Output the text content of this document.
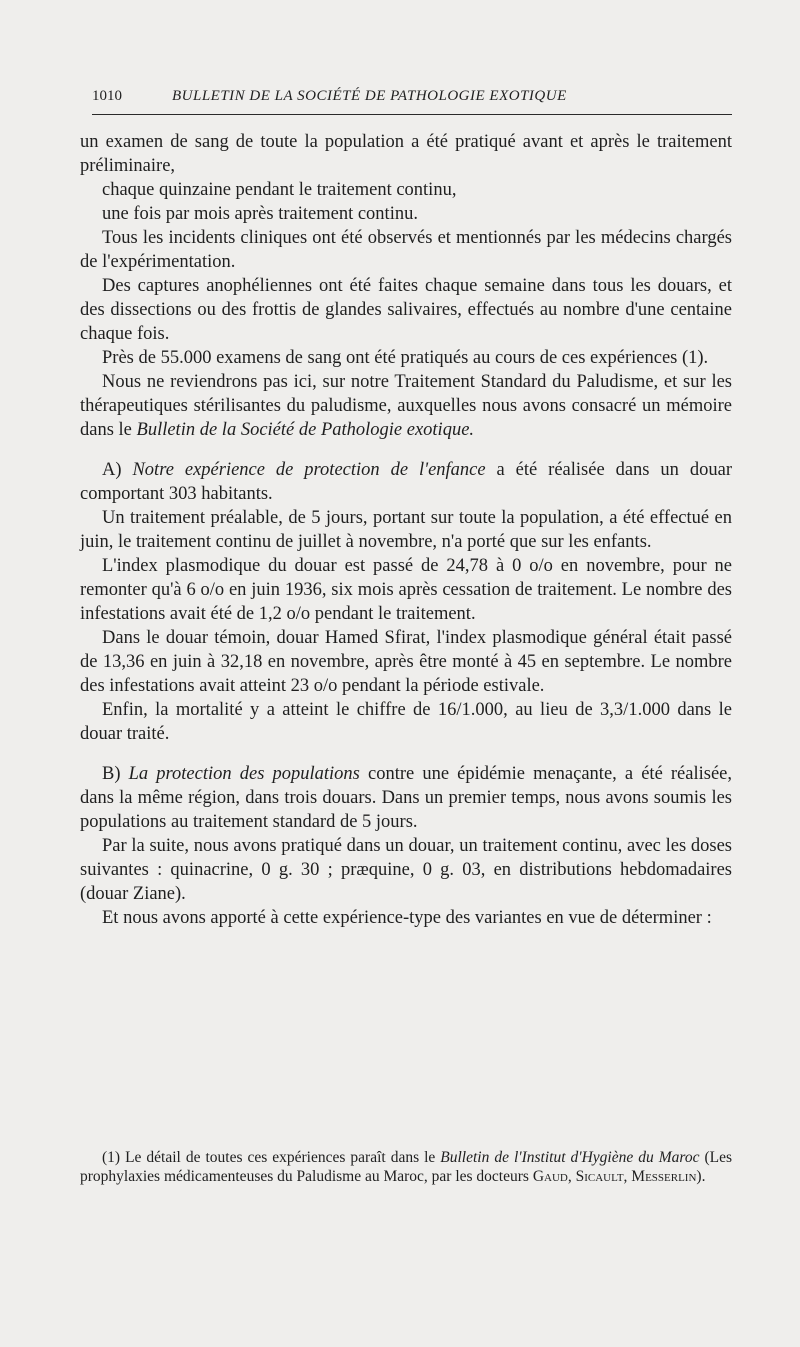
1010	BULLETIN DE LA SOCIÉTÉ DE PATHOLOGIE EXOTIQUE

un examen de sang de toute la population a été pratiqué avant et après le traitement préliminaire,

chaque quinzaine pendant le traitement continu,

une fois par mois après traitement continu.

Tous les incidents cliniques ont été observés et mentionnés par les médecins chargés de l'expérimentation.

Des captures anophéliennes ont été faites chaque semaine dans tous les douars, et des dissections ou des frottis de glandes salivaires, effectués au nombre d'une centaine chaque fois.

Près de 55.000 examens de sang ont été pratiqués au cours de ces expériences (1).

Nous ne reviendrons pas ici, sur notre Traitement Standard du Paludisme, et sur les thérapeutiques stérilisantes du paludisme, auxquelles nous avons consacré un mémoire dans le Bulletin de la Société de Pathologie exotique.

A) Notre expérience de protection de l'enfance a été réalisée dans un douar comportant 303 habitants.

Un traitement préalable, de 5 jours, portant sur toute la population, a été effectué en juin, le traitement continu de juillet à novembre, n'a porté que sur les enfants.

L'index plasmodique du douar est passé de 24,78 à 0 o/o en novembre, pour ne remonter qu'à 6 o/o en juin 1936, six mois après cessation de traitement. Le nombre des infestations avait été de 1,2 o/o pendant le traitement.

Dans le douar témoin, douar Hamed Sfirat, l'index plasmodique général était passé de 13,36 en juin à 32,18 en novembre, après être monté à 45 en septembre. Le nombre des infestations avait atteint 23 o/o pendant la période estivale.

Enfin, la mortalité y a atteint le chiffre de 16/1.000, au lieu de 3,3/1.000 dans le douar traité.

B) La protection des populations contre une épidémie menaçante, a été réalisée, dans la même région, dans trois douars. Dans un premier temps, nous avons soumis les populations au traitement standard de 5 jours.

Par la suite, nous avons pratiqué dans un douar, un traitement continu, avec les doses suivantes : quinacrine, 0 g. 30 ; præquine, 0 g. 03, en distributions hebdomadaires (douar Ziane).

Et nous avons apporté à cette expérience-type des variantes en vue de déterminer :

(1) Le détail de toutes ces expériences paraît dans le Bulletin de l'Institut d'Hygiène du Maroc (Les prophylaxies médicamenteuses du Paludisme au Maroc, par les docteurs Gaud, Sicault, Messerlin).
